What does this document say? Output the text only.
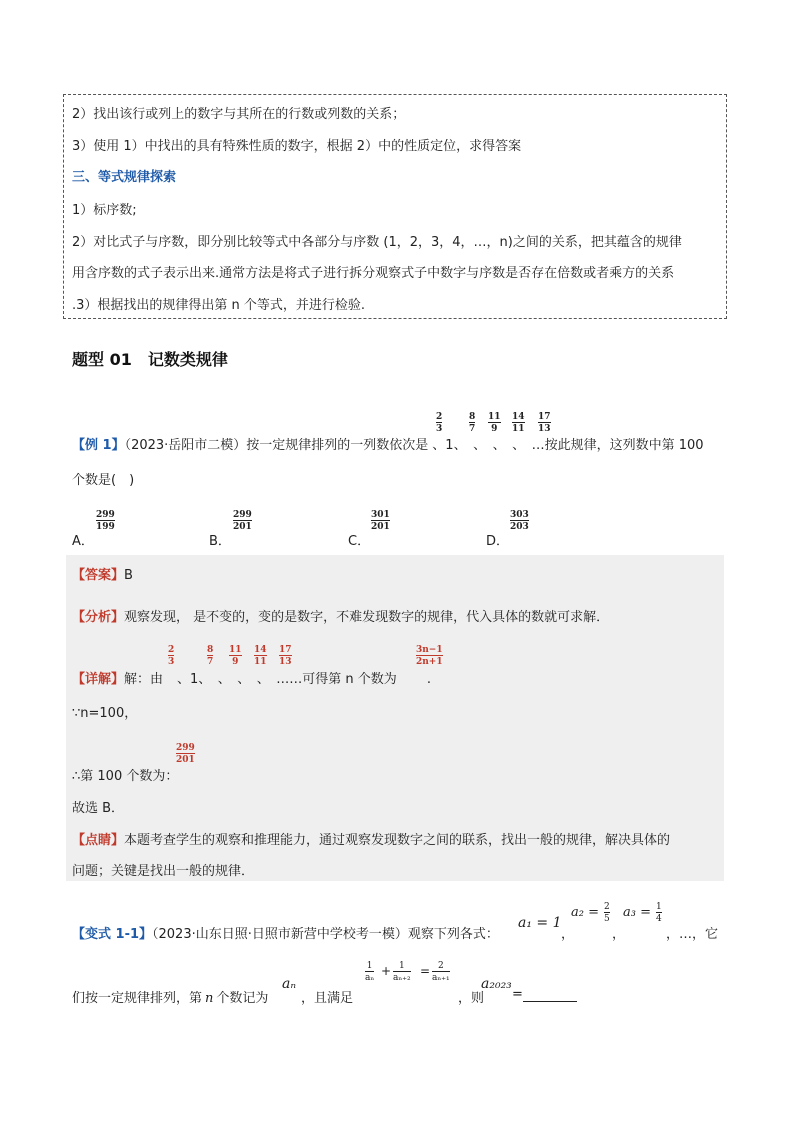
2）找出该行或列上的数字与其所在的行数或列数的关系；
3）使用 1）中找出的具有特殊性质的数字，根据 2）中的性质定位，求得答案
三、等式规律探索
1）标序数;
2）对比式子与序数，即分别比较等式中各部分与序数 (1，2，3，4，…，n)之间的关系，把其蕴含的规律
用含序数的式子表示出来.通常方法是将式子进行拆分观察式子中数字与序数是否存在倍数或者乘方的关系
.3）根据找出的规律得出第 n 个等式，并进行检验.
题型 01　记数类规律
2
3
8
7
11
9
14
11
17
13
【例 1】（2023·岳阳市二模）按一定规律排列的一列数依次是 、1、　、　、　、　…按此规律，这列数中第 100
个数是(　)
A．
299
199
B．
299
201
C．
301
201
D．
303
203
【答案】B
【分析】观察发现， 是不变的，变的是数字，不难发现数字的规律，代入具体的数就可求解．
2
3
8
7
11
9
14
11
17
13
3n−1
2n+1
【详解】解：由 、1、　、　、　、　……可得第 n 个数为 .
∵n=100，
299
201
∴第 100 个数为：
故选 B．
【点睛】本题考查学生的观察和推理能力，通过观察发现数字之间的联系，找出一般的规律，解决具体的
问题；关键是找出一般的规律．
【变式 1-1】（2023·山东日照·日照市新营中学校考一模）观察下列各式：
a₁ = 1
，
a₂ = 2
5
，
a₃ = 1
4
，…，它
们按一定规律排列，第 n 个数记为
aₙ
，且满足
1
aₙ + 1
aₙ₊₂ = 2
aₙ₊₁
，则
a₂₀₂₃
=
